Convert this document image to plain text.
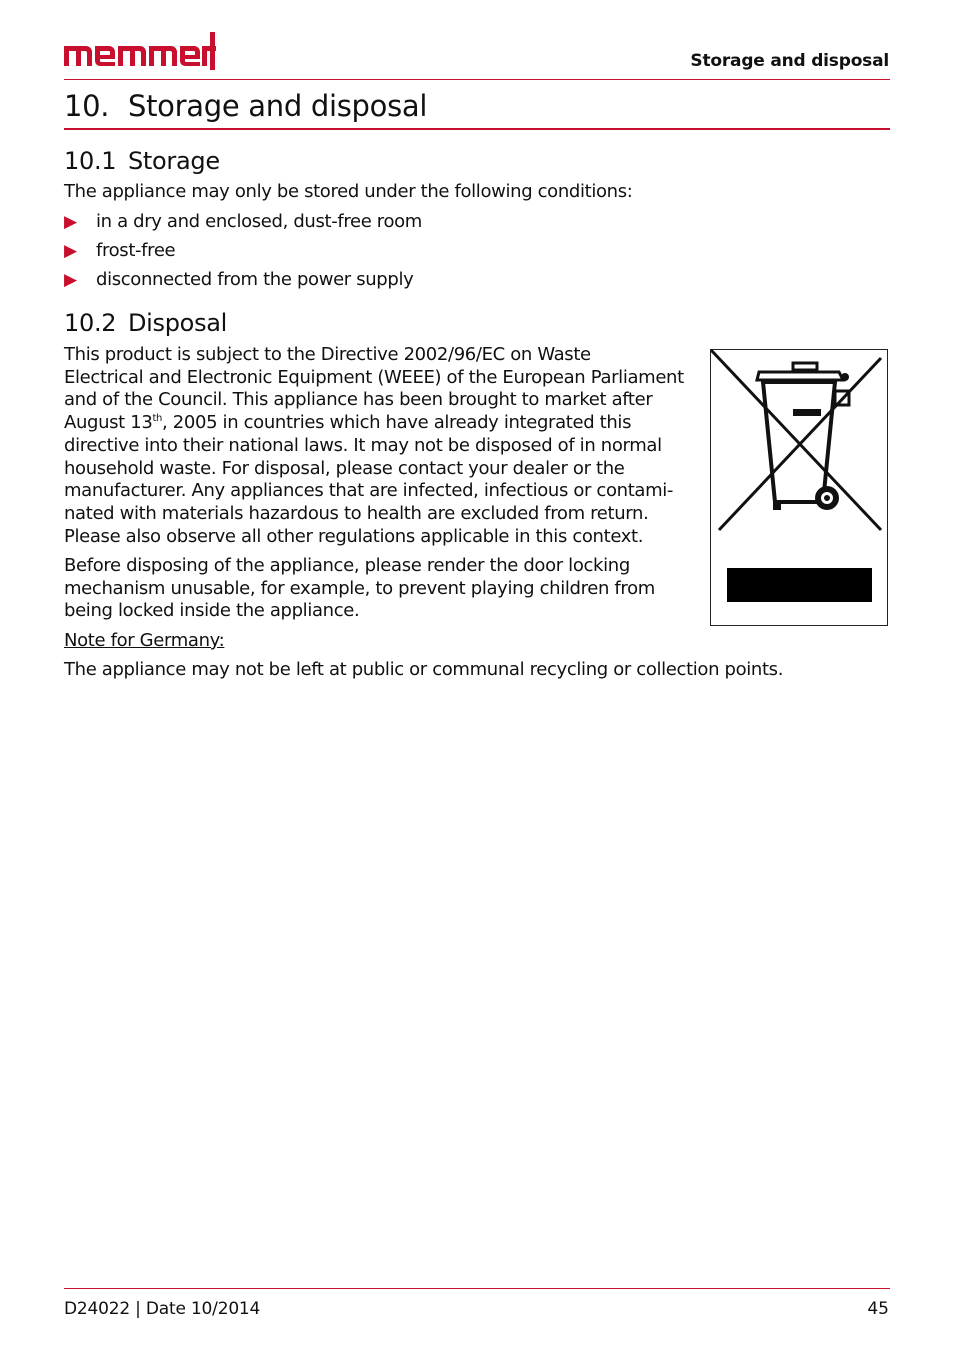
Storage and disposal
10. Storage and disposal
10.1 Storage
The appliance may only be stored under the following conditions:
▶ in a dry and enclosed, dust-free room
▶ frost-free
▶ disconnected from the power supply
10.2 Disposal
This product is subject to the Directive 2002/96/EC on Waste
Electrical and Electronic Equipment (WEEE) of the European Parliament
and of the Council. This appliance has been brought to market after
August 13th, 2005 in countries which have already integrated this
directive into their national laws. It may not be disposed of in normal
household waste. For disposal, please contact your dealer or the
manufacturer. Any appliances that are infected, infectious or contami-
nated with materials hazardous to health are excluded from return.
Please also observe all other regulations applicable in this context.
Before disposing of the appliance, please render the door locking
mechanism unusable, for example, to prevent playing children from
being locked inside the appliance.
Note for Germany:
The appliance may not be left at public or communal recycling or collection points.
D24022 | Date 10/2014	45
